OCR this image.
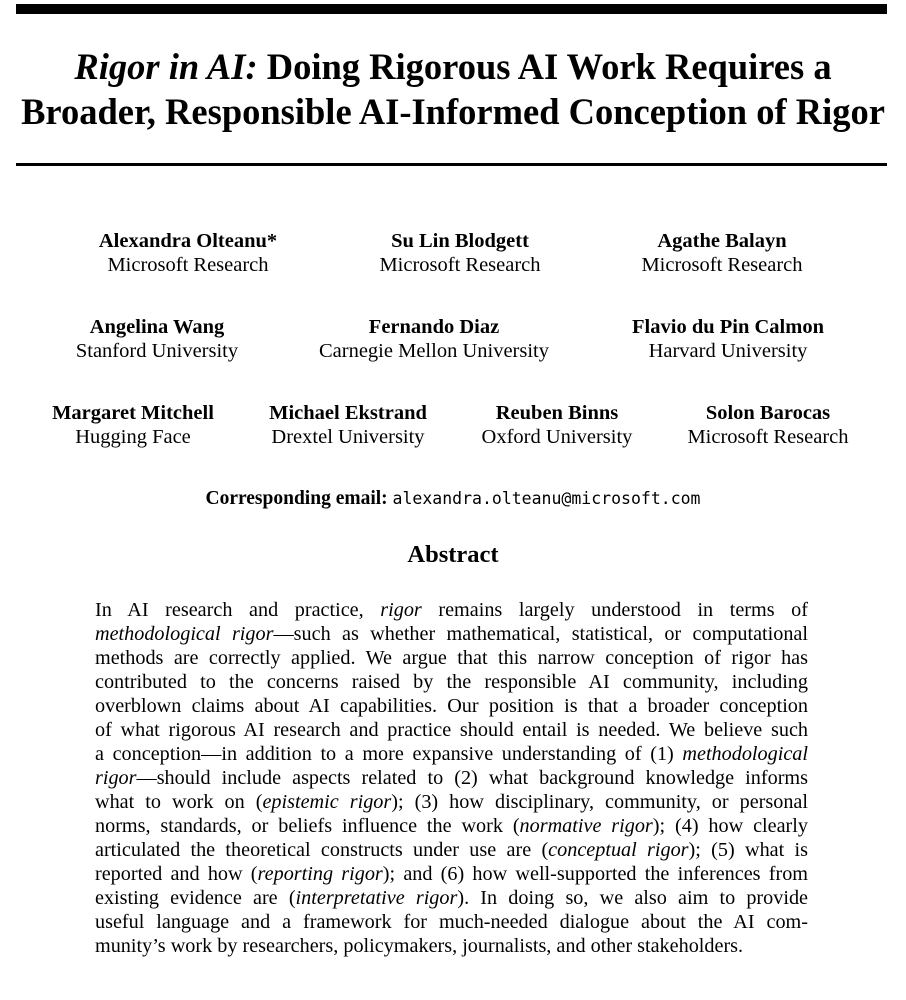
Rigor in AI: Doing Rigorous AI Work Requires a
Broader, Responsible AI-Informed Conception of Rigor
Alexandra Olteanu*
Microsoft Research
Su Lin Blodgett
Microsoft Research
Agathe Balayn
Microsoft Research
Angelina Wang
Stanford University
Fernando Diaz
Carnegie Mellon University
Flavio du Pin Calmon
Harvard University
Margaret Mitchell
Hugging Face
Michael Ekstrand
Drextel University
Reuben Binns
Oxford University
Solon Barocas
Microsoft Research
Corresponding email: alexandra.olteanu@microsoft.com
Abstract
In AI research and practice, rigor remains largely understood in terms of
methodological rigor—such as whether mathematical, statistical, or computational
methods are correctly applied. We argue that this narrow conception of rigor has
contributed to the concerns raised by the responsible AI community, including
overblown claims about AI capabilities. Our position is that a broader conception
of what rigorous AI research and practice should entail is needed. We believe such
a conception—in addition to a more expansive understanding of (1) methodological
rigor—should include aspects related to (2) what background knowledge informs
what to work on (epistemic rigor); (3) how disciplinary, community, or personal
norms, standards, or beliefs influence the work (normative rigor); (4) how clearly
articulated the theoretical constructs under use are (conceptual rigor); (5) what is
reported and how (reporting rigor); and (6) how well-supported the inferences from
existing evidence are (interpretative rigor). In doing so, we also aim to provide
useful language and a framework for much-needed dialogue about the AI com-
munity’s work by researchers, policymakers, journalists, and other stakeholders.
